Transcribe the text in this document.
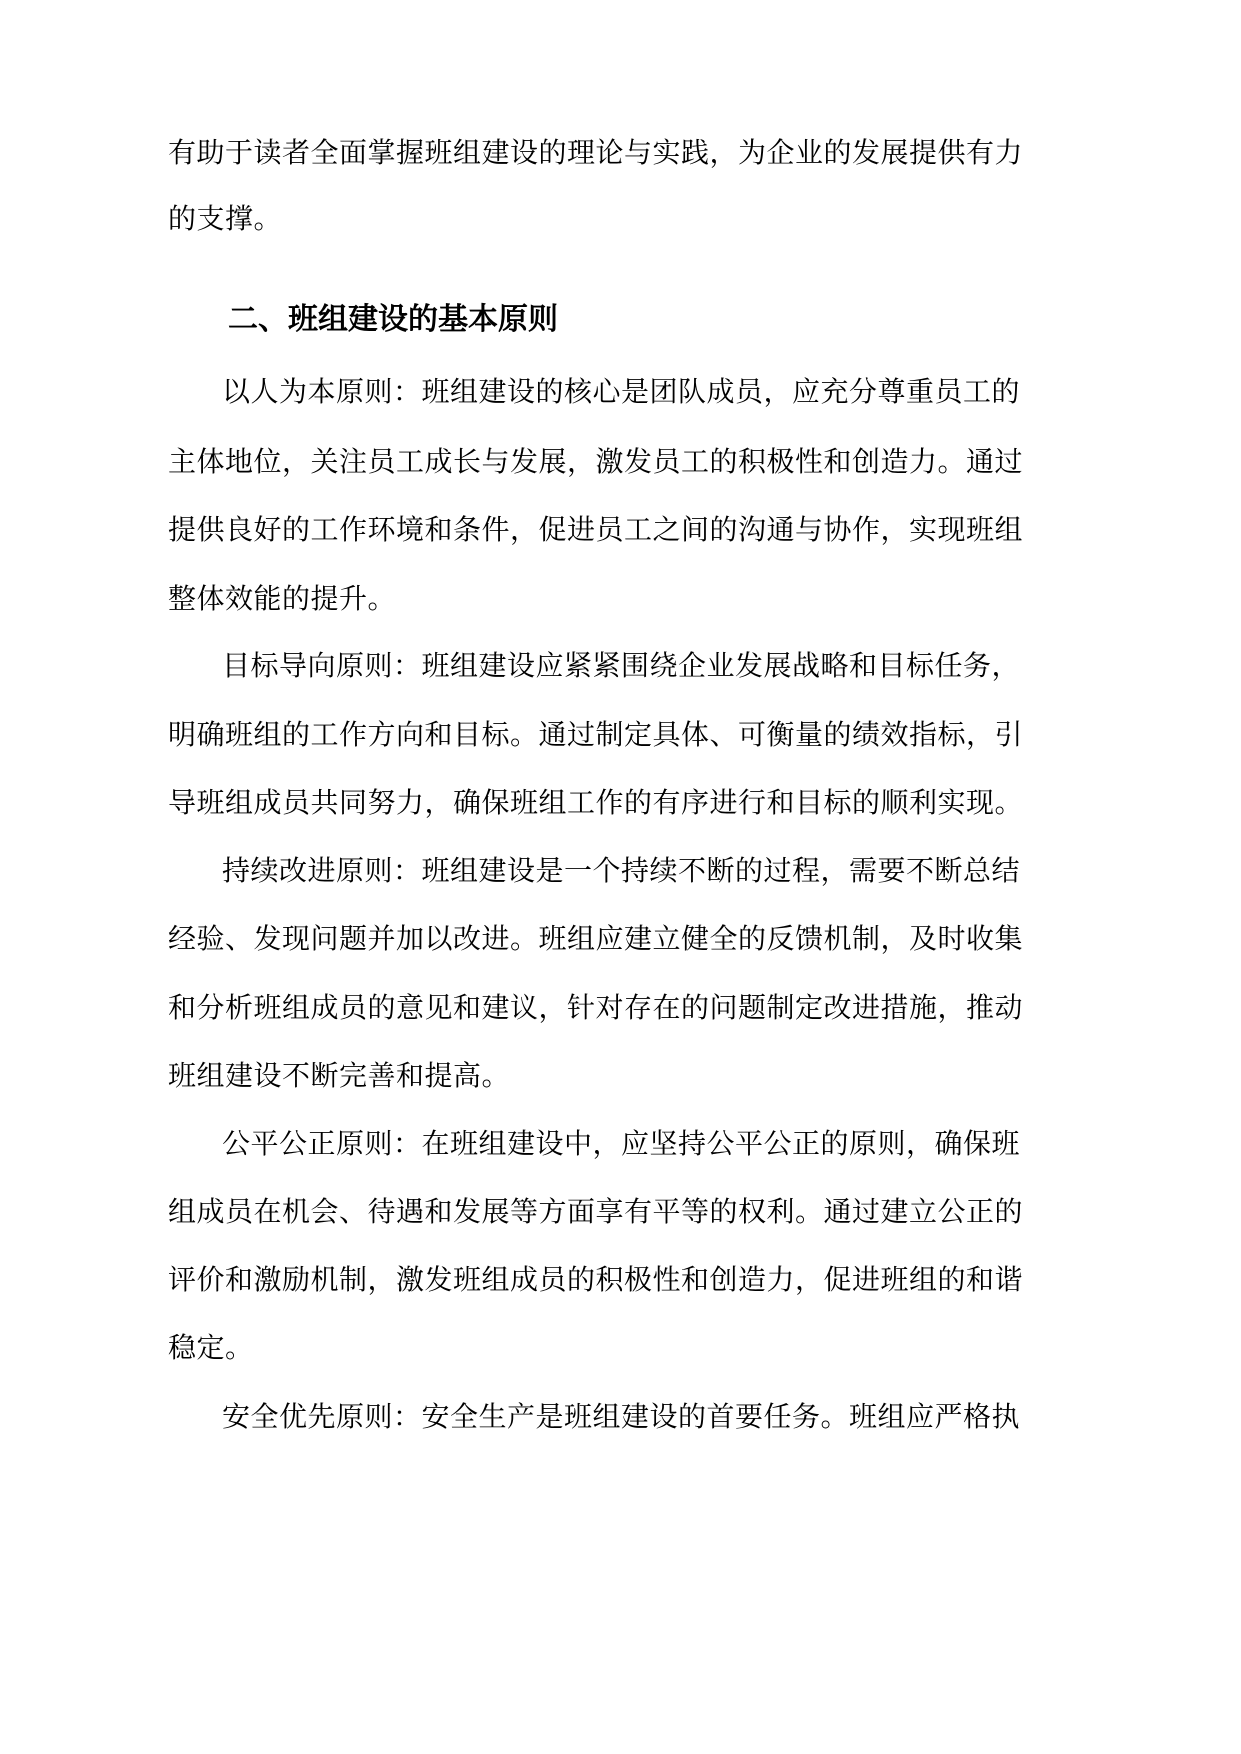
有助于读者全面掌握班组建设的理论与实践，为企业的发展提供有力
的支撑。
二、班组建设的基本原则
以人为本原则：班组建设的核心是团队成员，应充分尊重员工的
主体地位，关注员工成长与发展，激发员工的积极性和创造力。通过
提供良好的工作环境和条件，促进员工之间的沟通与协作，实现班组
整体效能的提升。
目标导向原则：班组建设应紧紧围绕企业发展战略和目标任务，
明确班组的工作方向和目标。通过制定具体、可衡量的绩效指标，引
导班组成员共同努力，确保班组工作的有序进行和目标的顺利实现。
持续改进原则：班组建设是一个持续不断的过程，需要不断总结
经验、发现问题并加以改进。班组应建立健全的反馈机制，及时收集
和分析班组成员的意见和建议，针对存在的问题制定改进措施，推动
班组建设不断完善和提高。
公平公正原则：在班组建设中，应坚持公平公正的原则，确保班
组成员在机会、待遇和发展等方面享有平等的权利。通过建立公正的
评价和激励机制，激发班组成员的积极性和创造力，促进班组的和谐
稳定。
安全优先原则：安全生产是班组建设的首要任务。班组应严格执
